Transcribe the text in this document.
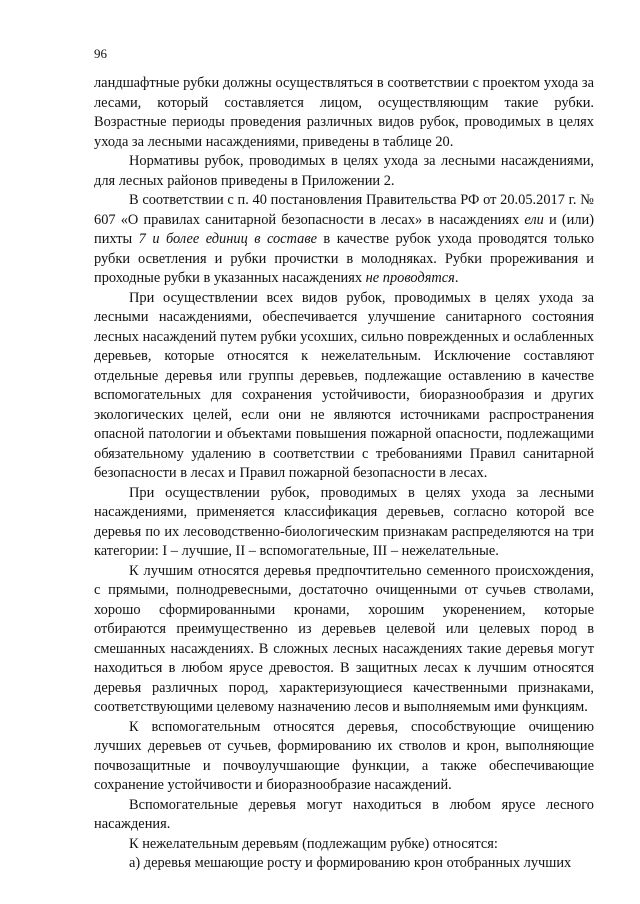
96

ландшафтные рубки должны осуществляться в соответствии с проектом ухода за лесами, который составляется лицом, осуществляющим такие рубки. Возрастные периоды проведения различных видов рубок, проводимых в целях ухода за лесными насаждениями, приведены в таблице 20.

Нормативы рубок, проводимых в целях ухода за лесными насаждениями, для лесных районов приведены в Приложении 2.

В соответствии с п. 40 постановления Правительства РФ от 20.05.2017 г. № 607 «О правилах санитарной безопасности в лесах» в насаждениях ели и (или) пихты 7 и более единиц в составе в качестве рубок ухода проводятся только рубки осветления и рубки прочистки в молодняках. Рубки прореживания и проходные рубки в указанных насаждениях не проводятся.

При осуществлении всех видов рубок, проводимых в целях ухода за лесными насаждениями, обеспечивается улучшение санитарного состояния лесных насаждений путем рубки усохших, сильно поврежденных и ослабленных деревьев, которые относятся к нежелательным. Исключение составляют отдельные деревья или группы деревьев, подлежащие оставлению в качестве вспомогательных для сохранения устойчивости, биоразнообразия и других экологических целей, если они не являются источниками распространения опасной патологии и объектами повышения пожарной опасности, подлежащими обязательному удалению в соответствии с требованиями Правил санитарной безопасности в лесах и Правил пожарной безопасности в лесах.

При осуществлении рубок, проводимых в целях ухода за лесными насаждениями, применяется классификация деревьев, согласно которой все деревья по их лесоводственно-биологическим признакам распределяются на три категории: I – лучшие, II – вспомогательные, III – нежелательные.

К лучшим относятся деревья предпочтительно семенного происхождения, с прямыми, полнодревесными, достаточно очищенными от сучьев стволами, хорошо сформированными кронами, хорошим укоренением, которые отбираются преимущественно из деревьев целевой или целевых пород в смешанных насаждениях. В сложных лесных насаждениях такие деревья могут находиться в любом ярусе древостоя. В защитных лесах к лучшим относятся деревья различных пород, характеризующиеся качественными признаками, соответствующими целевому назначению лесов и выполняемым ими функциям.

К вспомогательным относятся деревья, способствующие очищению лучших деревьев от сучьев, формированию их стволов и крон, выполняющие почвозащитные и почвоулучшающие функции, а также обеспечивающие сохранение устойчивости и биоразнообразие насаждений.

Вспомогательные деревья могут находиться в любом ярусе лесного насаждения.

К нежелательным деревьям (подлежащим рубке) относятся:

а) деревья мешающие росту и формированию крон отобранных лучших
